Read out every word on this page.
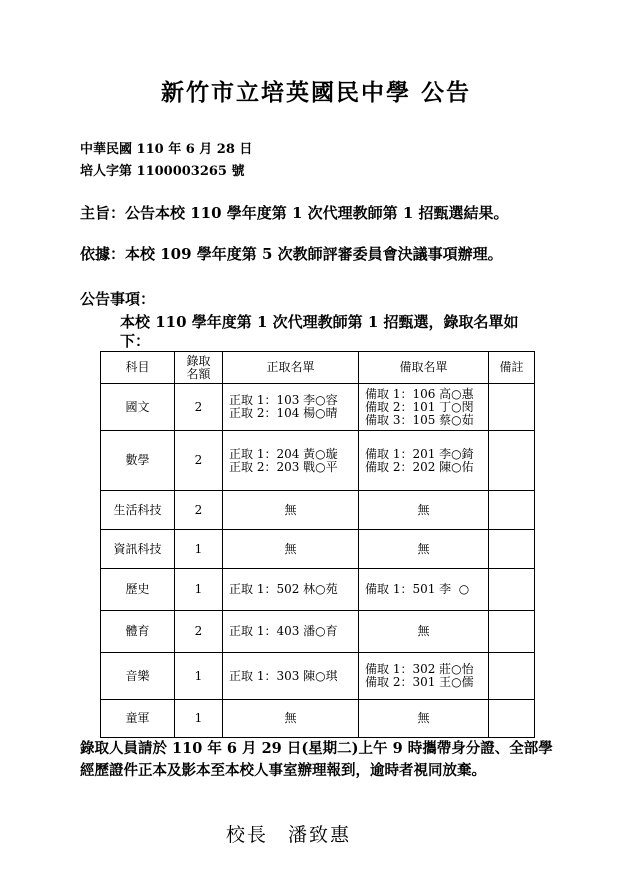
新竹市立培英國民中學 公告
中華民國 110 年 6 月 28 日
培人字第 1100003265 號
主旨：公告本校 110 學年度第 1 次代理教師第 1 招甄選結果。
依據：本校 109 學年度第 5 次教師評審委員會決議事項辦理。
公告事項：
本校 110 學年度第 1 次代理教師第 1 招甄選，錄取名單如
下：
科目	錄取
名額	正取名單	備取名單	備註
國文	2	正取 1：103 李○容
正取 2：104 楊○晴	備取 1：106 高○惠
備取 2：101 丁○閔
備取 3：105 蔡○茹	
數學	2	正取 1：204 黃○璇
正取 2：203 戰○平	備取 1：201 李○錡
備取 2：202 陳○佑	
生活科技	2	無	無	
資訊科技	1	無	無	
歷史	1	正取 1：502 林○苑	備取 1：501 李  ○	
體育	2	正取 1：403 潘○育	無	
音樂	1	正取 1：303 陳○琪	備取 1：302 莊○怡
備取 2：301 王○儒	
童軍	1	無	無	
錄取人員請於 110 年 6 月 29 日(星期二)上午 9 時攜帶身分證、全部學經歷證件正本及影本至本校人事室辦理報到，逾時者視同放棄。
校長 潘致惠
